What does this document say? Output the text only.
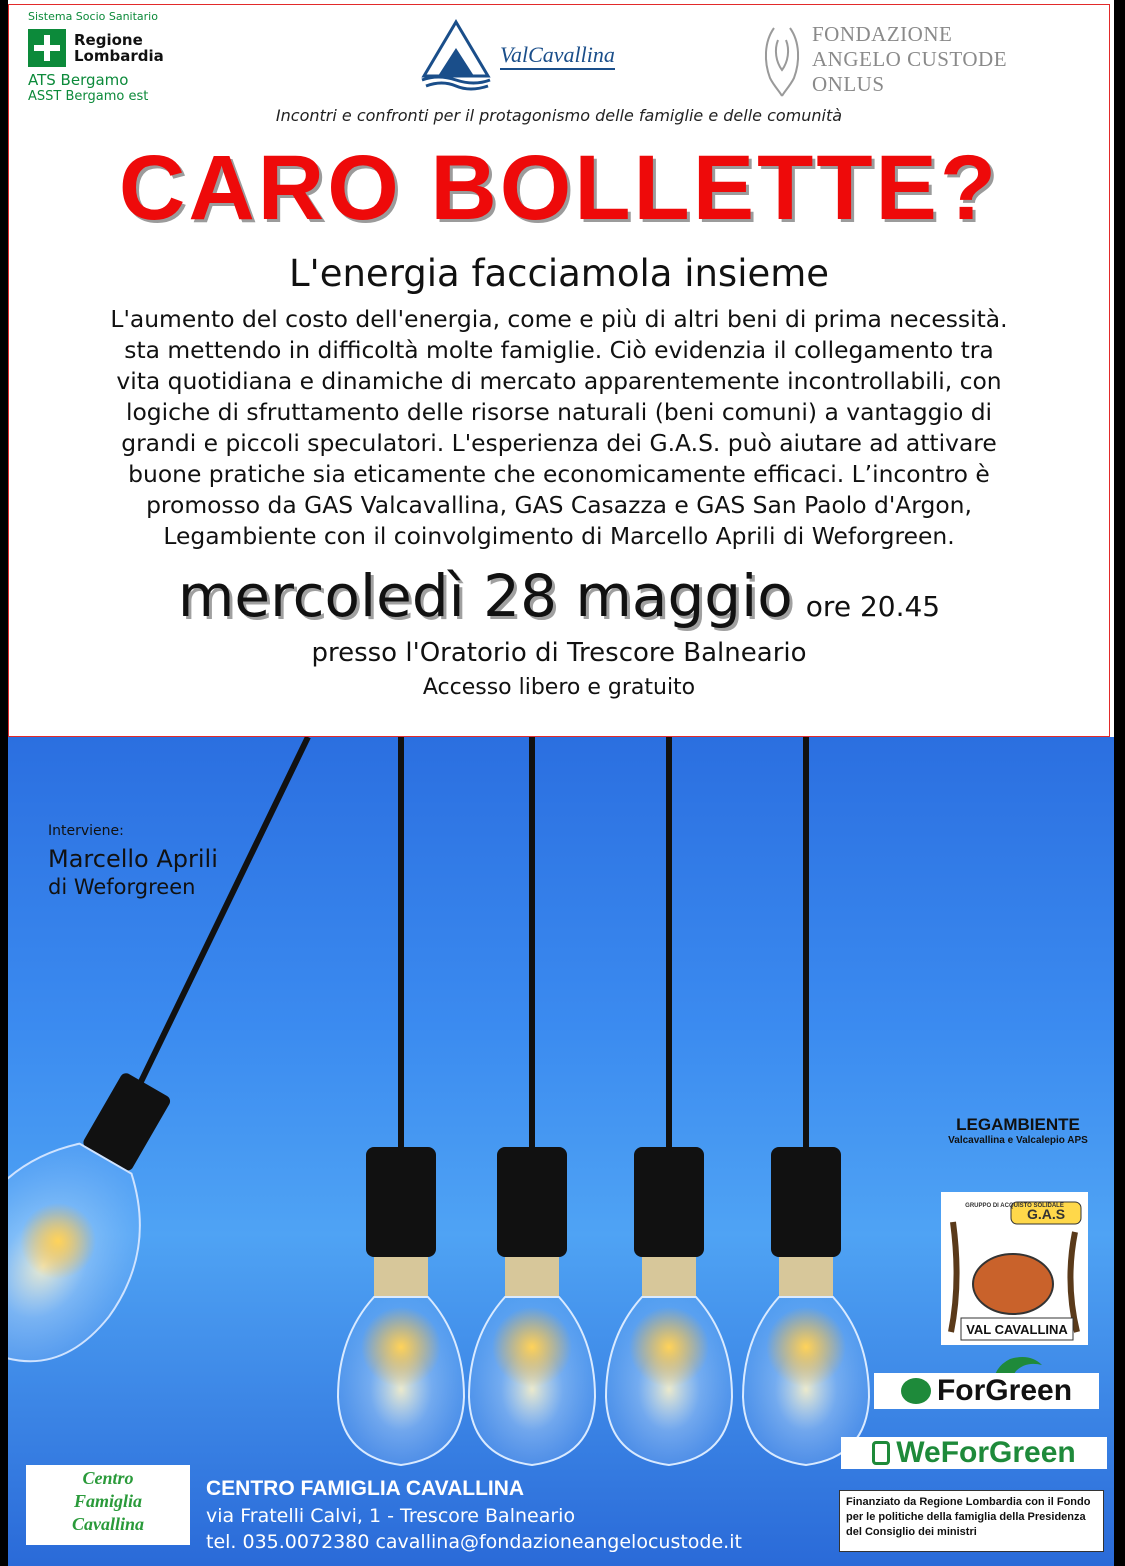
Sistema Socio Sanitario
Regione
Lombardia
ATS Bergamo
ASST Bergamo est
ValCavallina
FONDAZIONE
ANGELO CUSTODE
ONLUS
Incontri e confronti per il protagonismo delle famiglie e delle comunità
CARO BOLLETTE?
L'energia facciamola insieme
L'aumento del costo dell'energia, come e più di altri beni di prima necessità.
sta mettendo in difficoltà molte famiglie. Ciò evidenzia il collegamento tra
vita quotidiana e dinamiche di mercato apparentemente incontrollabili, con
logiche di sfruttamento delle risorse naturali (beni comuni) a vantaggio di
grandi e piccoli speculatori. L'esperienza dei G.A.S. può aiutare ad attivare
buone pratiche sia eticamente che economicamente efficaci. L’incontro è
promosso da GAS Valcavallina, GAS Casazza e GAS San Paolo d'Argon,
Legambiente con il coinvolgimento di Marcello Aprili di Weforgreen.
mercoledì 28 maggio ore 20.45
presso l'Oratorio di Trescore Balneario
Accesso libero e gratuito
Interviene:
Marcello Aprili
di Weforgreen
LEGAMBIENTE
Valcavallina e Valcalepio APS
GRUPPO DI ACQUISTO SOLIDALE
G.A.S
VAL CAVALLINA
ForGreen
WeForGreen
Centro
Famiglia
Cavallina
CENTRO FAMIGLIA CAVALLINA
via Fratelli Calvi, 1 - Trescore Balneario
tel. 035.0072380 cavallina@fondazioneangelocustode.it
Finanziato da Regione Lombardia con il Fondo per le politiche della famiglia della Presidenza del Consiglio dei ministri
